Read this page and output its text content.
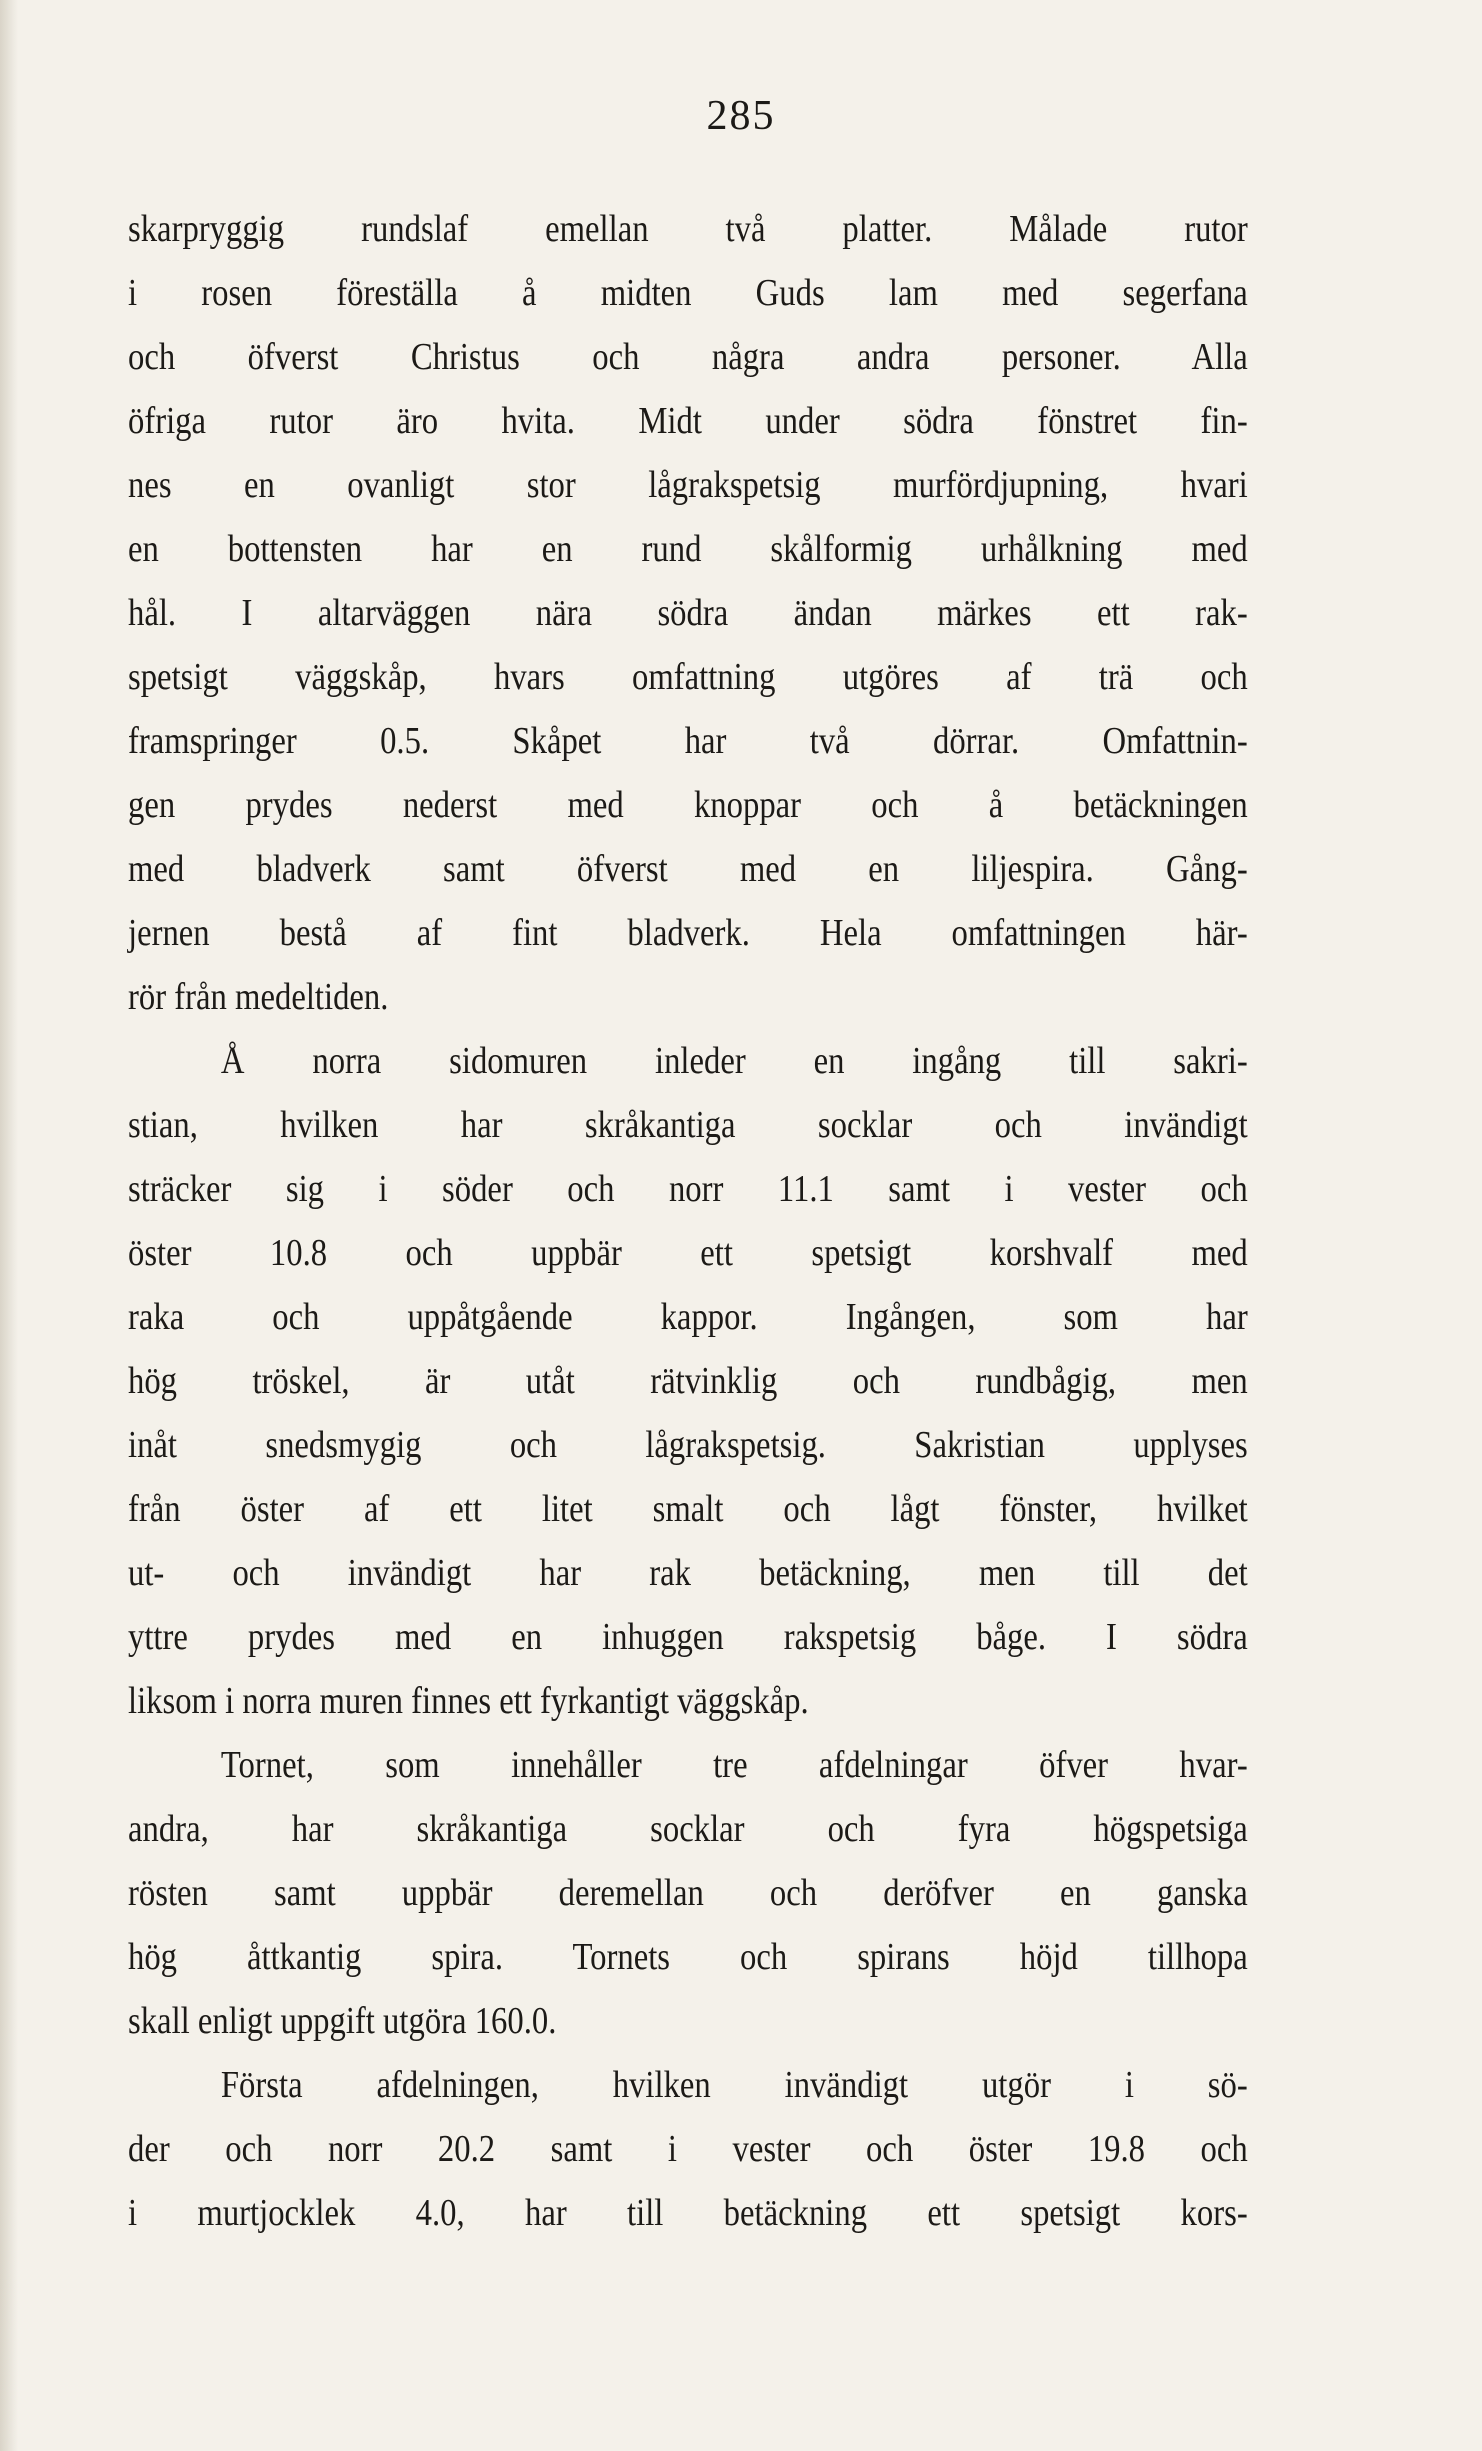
285
skarpryggig rundslaf emellan två platter. Målade rutor
i rosen föreställa å midten Guds lam med segerfana
och öfverst Christus och några andra personer. Alla
öfriga rutor äro hvita. Midt under södra fönstret fin-
nes en ovanligt stor lågrakspetsig murfördjupning, hvari
en bottensten har en rund skålformig urhålkning med
hål. I altarväggen nära södra ändan märkes ett rak-
spetsigt väggskåp, hvars omfattning utgöres af trä och
framspringer 0.5. Skåpet har två dörrar. Omfattnin-
gen prydes nederst med knoppar och å betäckningen
med bladverk samt öfverst med en liljespira. Gång-
jernen bestå af fint bladverk. Hela omfattningen här-
rör från medeltiden.
Å norra sidomuren inleder en ingång till sakri-
stian, hvilken har skråkantiga socklar och invändigt
sträcker sig i söder och norr 11.1 samt i vester och
öster 10.8 och uppbär ett spetsigt korshvalf med
raka och uppåtgående kappor. Ingången, som har
hög tröskel, är utåt rätvinklig och rundbågig, men
inåt snedsmygig och lågrakspetsig. Sakristian upplyses
från öster af ett litet smalt och lågt fönster, hvilket
ut- och invändigt har rak betäckning, men till det
yttre prydes med en inhuggen rakspetsig båge. I södra
liksom i norra muren finnes ett fyrkantigt väggskåp.
Tornet, som innehåller tre afdelningar öfver hvar-
andra, har skråkantiga socklar och fyra högspetsiga
rösten samt uppbär deremellan och deröfver en ganska
hög åttkantig spira. Tornets och spirans höjd tillhopa
skall enligt uppgift utgöra 160.0.
Första afdelningen, hvilken invändigt utgör i sö-
der och norr 20.2 samt i vester och öster 19.8 och
i murtjocklek 4.0, har till betäckning ett spetsigt kors-
